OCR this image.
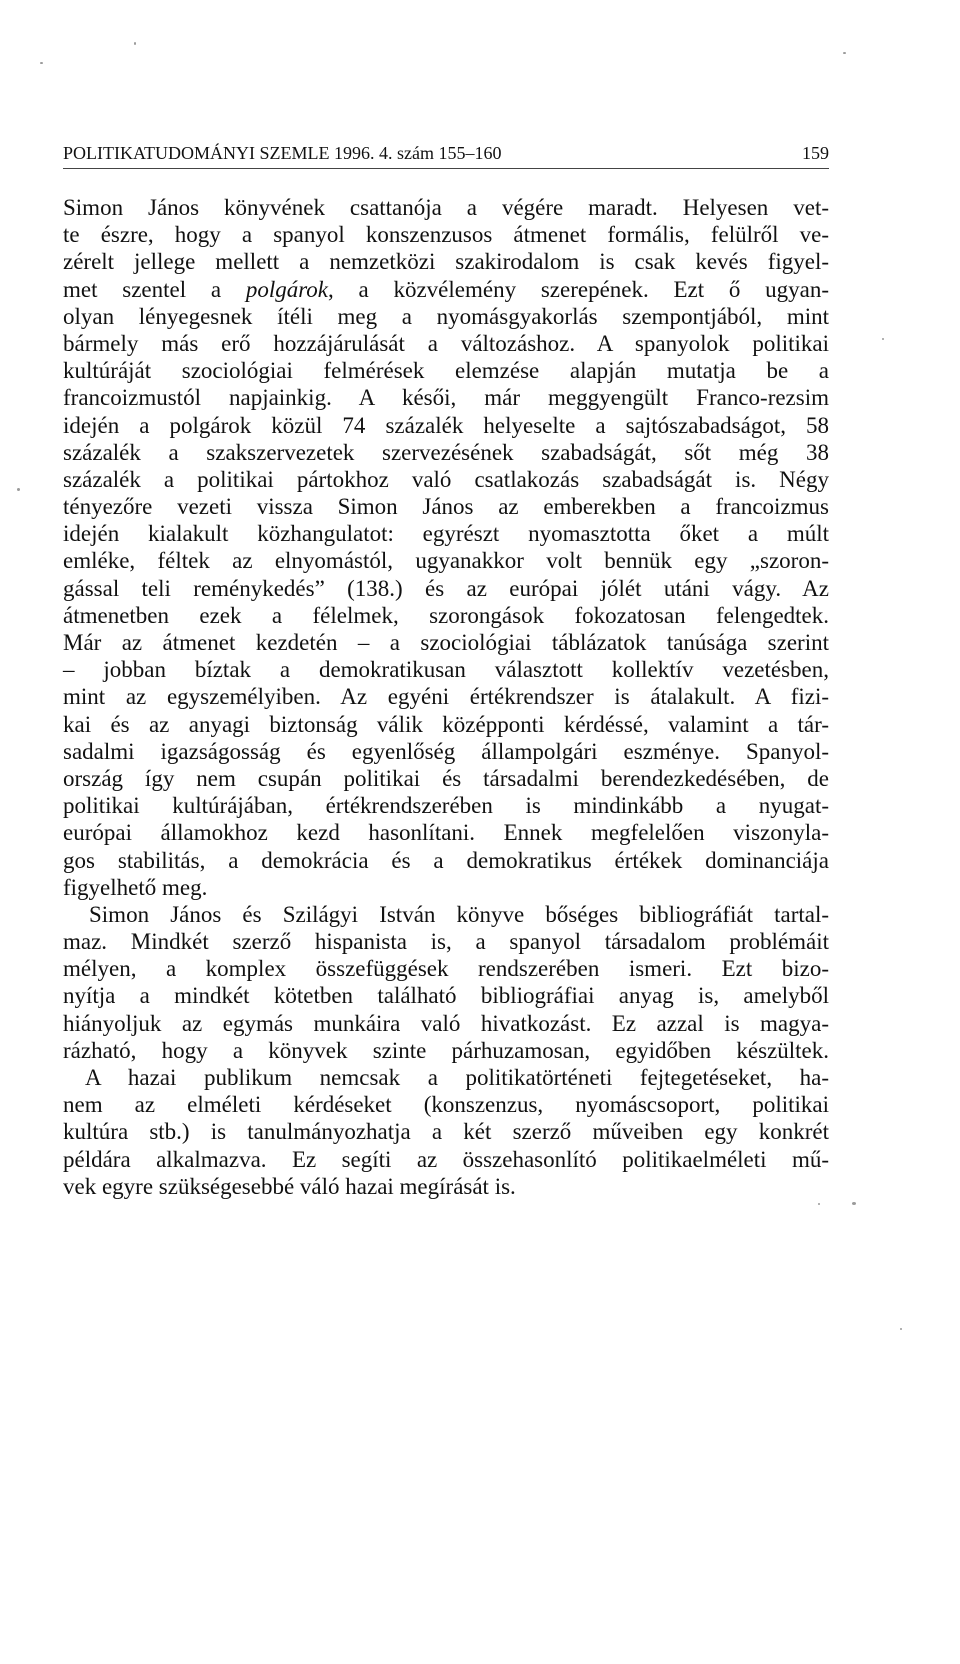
POLITIKATUDOMÁNYI SZEMLE 1996. 4. szám 155–160	159
Simon János könyvének csattanója a végére maradt. Helyesen vet-
te észre, hogy a spanyol konszenzusos átmenet formális, felülről ve-
zérelt jellege mellett a nemzetközi szakirodalom is csak kevés figyel-
met szentel a polgárok, a közvélemény szerepének. Ezt ő ugyan-
olyan lényegesnek ítéli meg a nyomásgyakorlás szempontjából, mint
bármely más erő hozzájárulását a változáshoz. A spanyolok politikai
kultúráját szociológiai felmérések elemzése alapján mutatja be a
francoizmustól napjainkig. A késői, már meggyengült Franco-rezsim
idején a polgárok közül 74 százalék helyeselte a sajtószabadságot, 58
százalék a szakszervezetek szervezésének szabadságát, sőt még 38
százalék a politikai pártokhoz való csatlakozás szabadságát is. Négy
tényezőre vezeti vissza Simon János az emberekben a francoizmus
idején kialakult közhangulatot: egyrészt nyomasztotta őket a múlt
emléke, féltek az elnyomástól, ugyanakkor volt bennük egy „szoron-
gással teli reménykedés” (138.) és az európai jólét utáni vágy. Az
átmenetben ezek a félelmek, szorongások fokozatosan felengedtek.
Már az átmenet kezdetén – a szociológiai táblázatok tanúsága szerint
– jobban bíztak a demokratikusan választott kollektív vezetésben,
mint az egyszemélyiben. Az egyéni értékrendszer is átalakult. A fizi-
kai és az anyagi biztonság válik középponti kérdéssé, valamint a tár-
sadalmi igazságosság és egyenlőség állampolgári eszménye. Spanyol-
ország így nem csupán politikai és társadalmi berendezkedésében, de
politikai kultúrájában, értékrendszerében is mindinkább a nyugat-
európai államokhoz kezd hasonlítani. Ennek megfelelően viszonyla-
gos stabilitás, a demokrácia és a demokratikus értékek dominanciája
figyelhető meg.
Simon János és Szilágyi István könyve bőséges bibliográfiát tartal-
maz. Mindkét szerző hispanista is, a spanyol társadalom problémáit
mélyen, a komplex összefüggések rendszerében ismeri. Ezt bizo-
nyítja a mindkét kötetben található bibliográfiai anyag is, amelyből
hiányoljuk az egymás munkáira való hivatkozást. Ez azzal is magya-
rázható, hogy a könyvek szinte párhuzamosan, egyidőben készültek.
A hazai publikum nemcsak a politikatörténeti fejtegetéseket, ha-
nem az elméleti kérdéseket (konszenzus, nyomáscsoport, politikai
kultúra stb.) is tanulmányozhatja a két szerző műveiben egy konkrét
példára alkalmazva. Ez segíti az összehasonlító politikaelméleti mű-
vek egyre szükségesebbé váló hazai megírását is.
